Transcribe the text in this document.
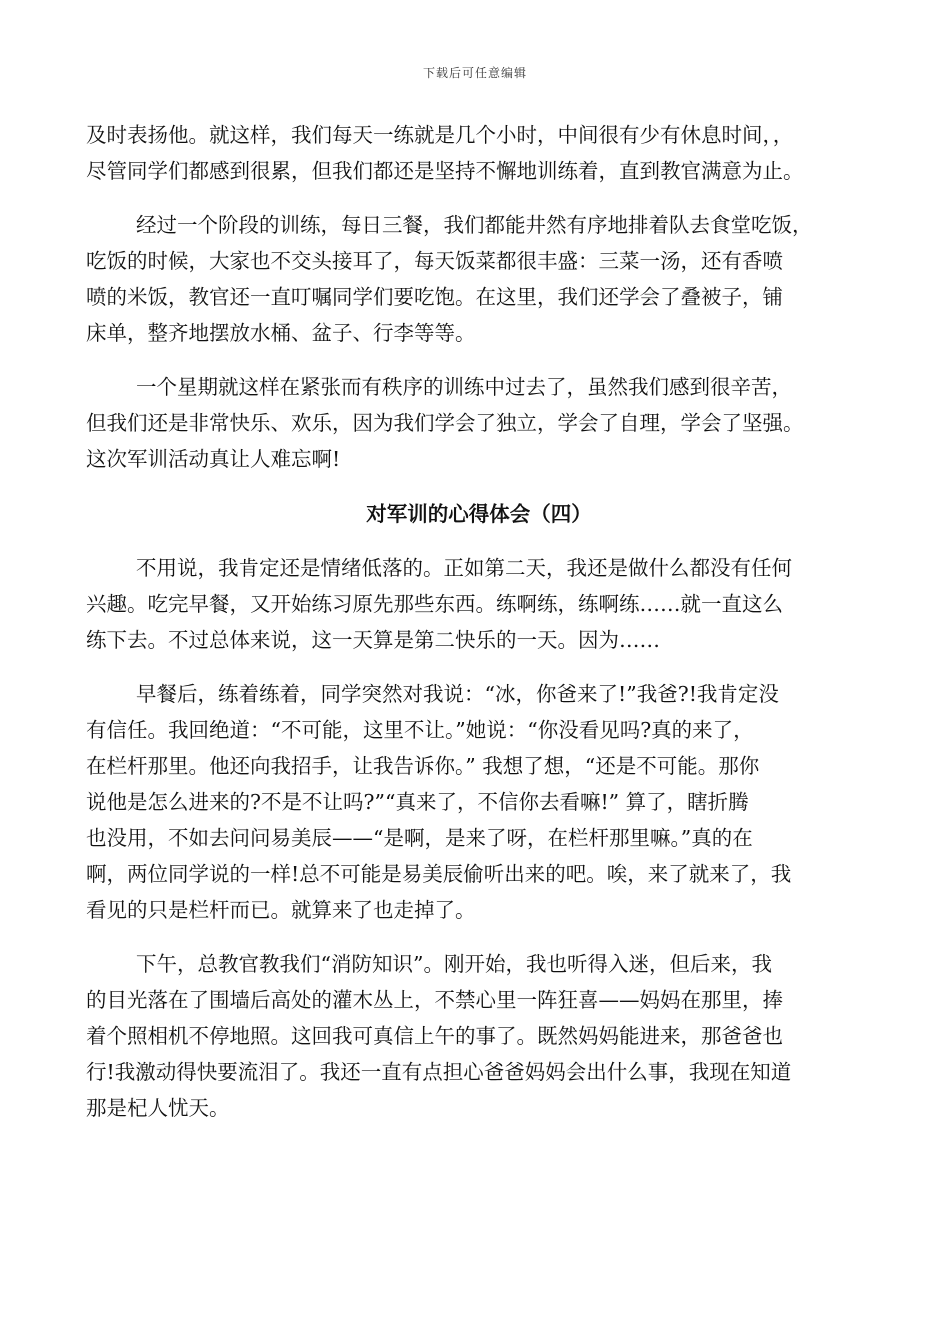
下载后可任意编辑
及时表扬他。就这样，我们每天一练就是几个小时，中间很有少有休息时间，，
尽管同学们都感到很累，但我们都还是坚持不懈地训练着，直到教官满意为止。
经过一个阶段的训练，每日三餐，我们都能井然有序地排着队去食堂吃饭，
吃饭的时候，大家也不交头接耳了，每天饭菜都很丰盛：三菜一汤，还有香喷
喷的米饭，教官还一直叮嘱同学们要吃饱。在这里，我们还学会了叠被子，铺
床单，整齐地摆放水桶、盆子、行李等等。
一个星期就这样在紧张而有秩序的训练中过去了，虽然我们感到很辛苦，
但我们还是非常快乐、欢乐，因为我们学会了独立，学会了自理，学会了坚强。
这次军训活动真让人难忘啊!
对军训的心得体会（四）
不用说，我肯定还是情绪低落的。正如第二天，我还是做什么都没有任何
兴趣。吃完早餐，又开始练习原先那些东西。练啊练，练啊练……就一直这么
练下去。不过总体来说，这一天算是第二快乐的一天。因为……
早餐后，练着练着，同学突然对我说：“冰，你爸来了!”我爸?!我肯定没
有信任。我回绝道：“不可能，这里不让。”她说：“你没看见吗?真的来了，
在栏杆那里。他还向我招手，让我告诉你。” 我想了想，“还是不可能。那你
说他是怎么进来的?不是不让吗?”“真来了，不信你去看嘛!” 算了，瞎折腾
也没用，不如去问问易美辰——“是啊，是来了呀，在栏杆那里嘛。”真的在
啊，两位同学说的一样!总不可能是易美辰偷听出来的吧。唉，来了就来了，我
看见的只是栏杆而已。就算来了也走掉了。
下午，总教官教我们“消防知识”。刚开始，我也听得入迷，但后来，我
的目光落在了围墙后高处的灌木丛上，不禁心里一阵狂喜——妈妈在那里，捧
着个照相机不停地照。这回我可真信上午的事了。既然妈妈能进来，那爸爸也
行!我激动得快要流泪了。我还一直有点担心爸爸妈妈会出什么事，我现在知道
那是杞人忧天。
